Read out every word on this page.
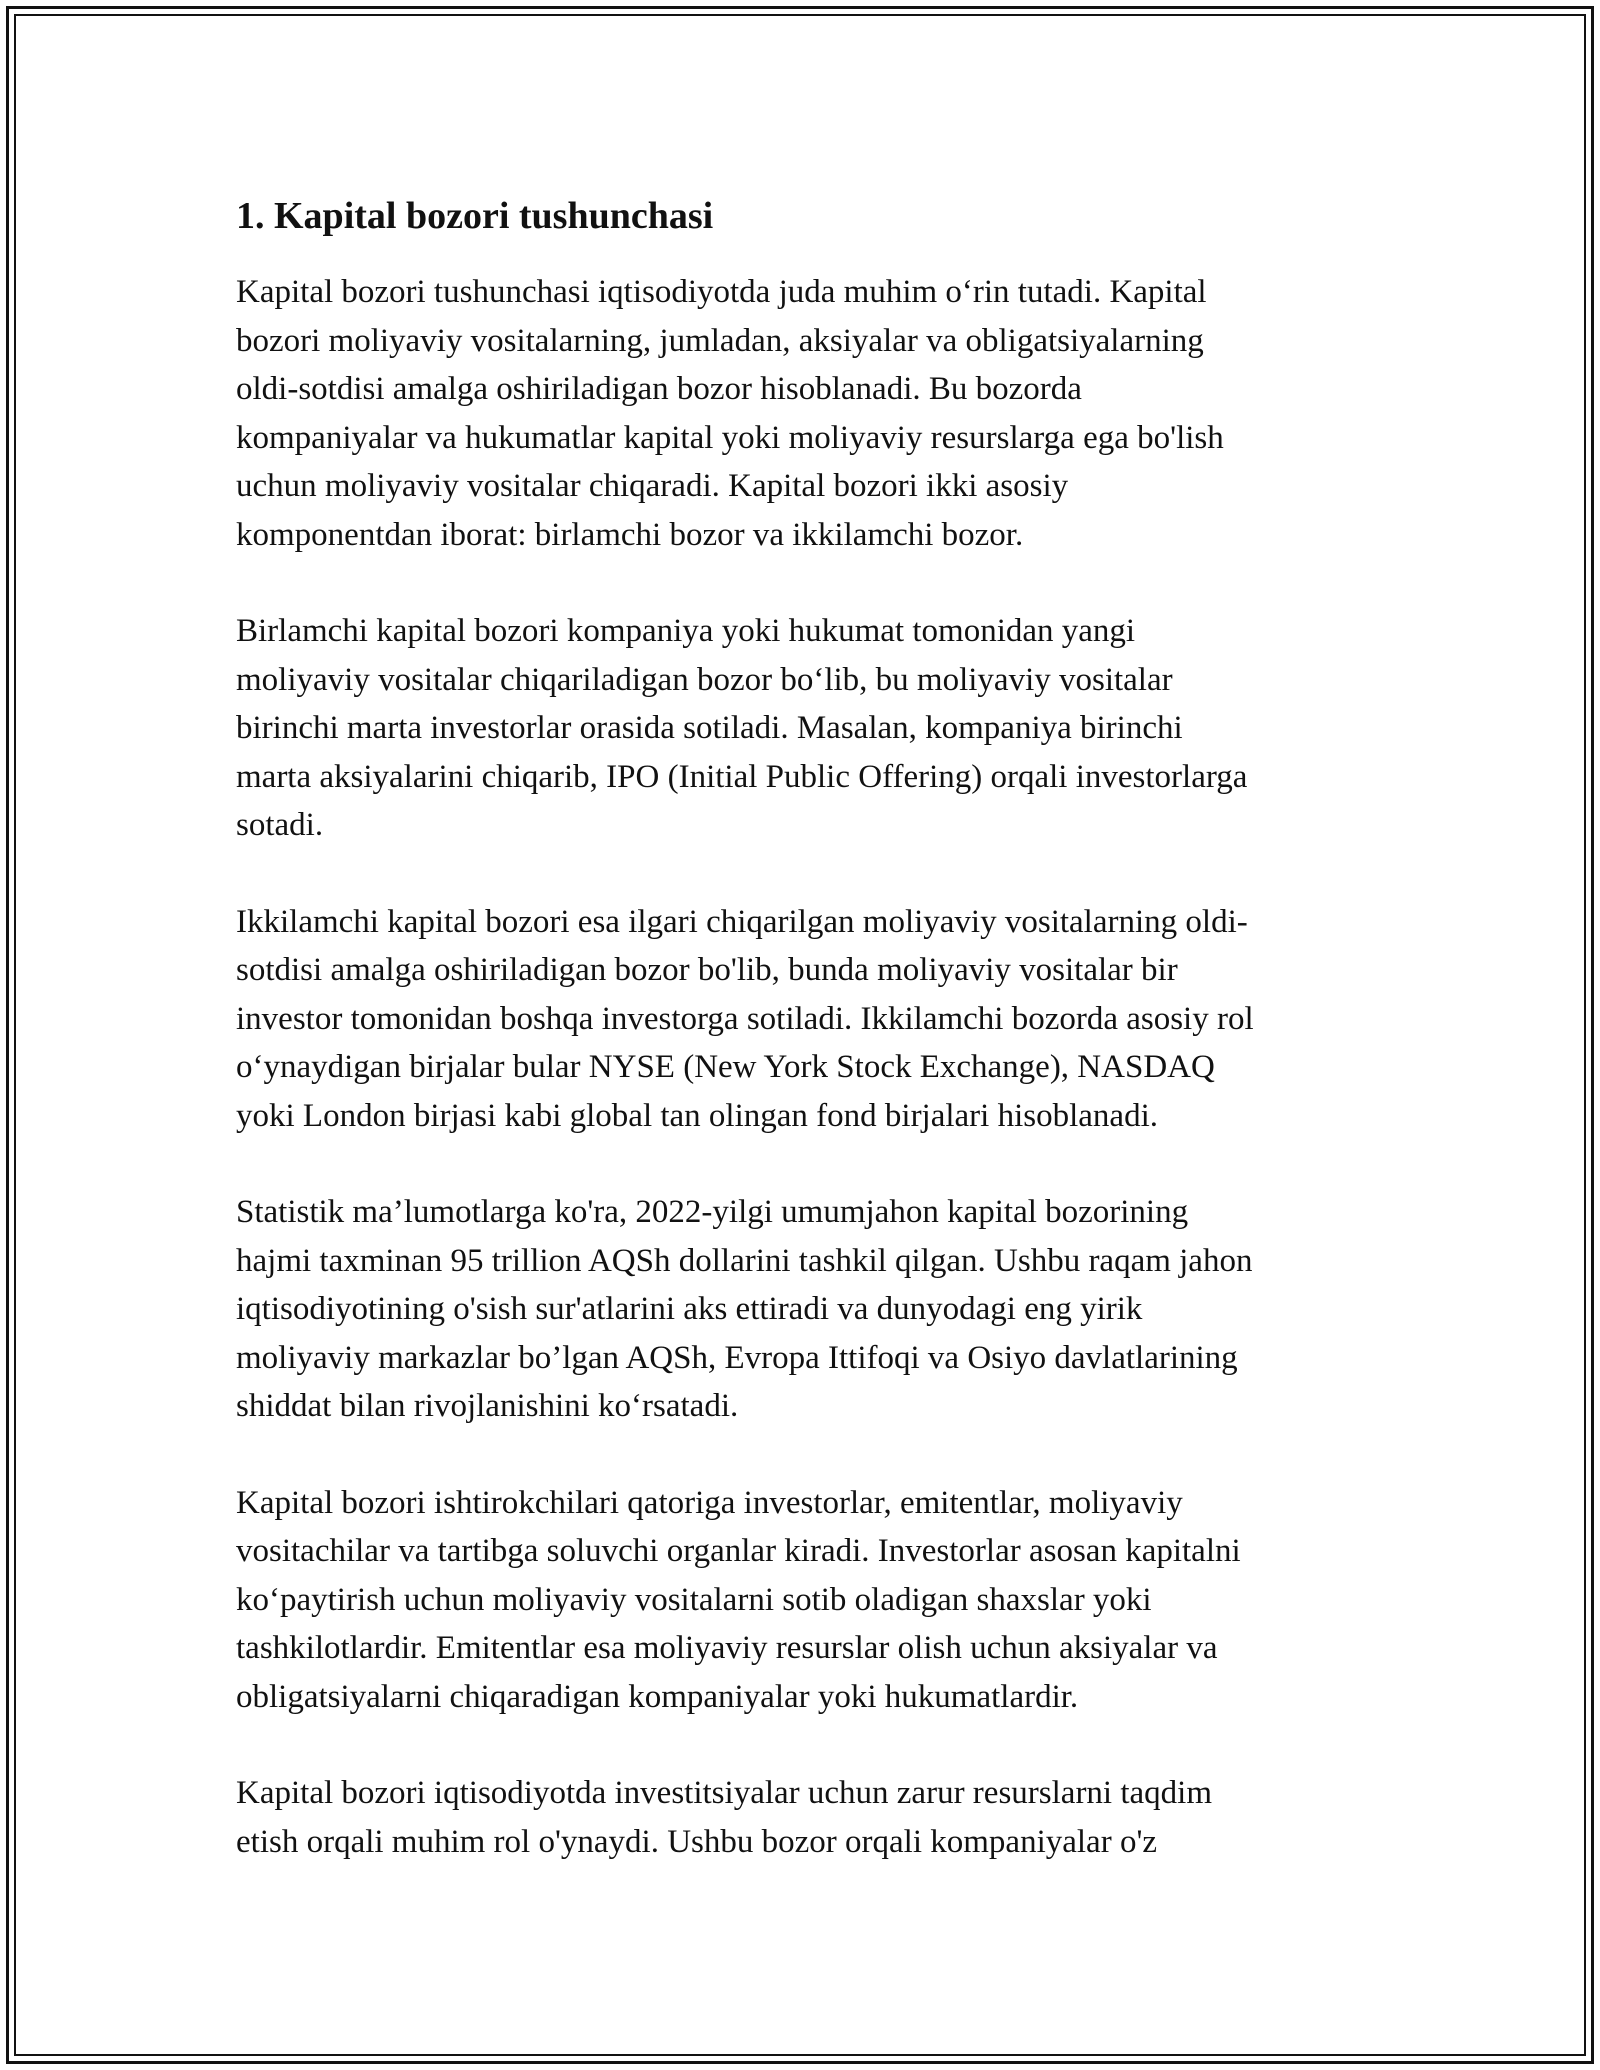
1. Kapital bozori tushunchasi

Kapital bozori tushunchasi iqtisodiyotda juda muhim o‘rin tutadi. Kapital
bozori moliyaviy vositalarning, jumladan, aksiyalar va obligatsiyalarning
oldi-sotdisi amalga oshiriladigan bozor hisoblanadi. Bu bozorda
kompaniyalar va hukumatlar kapital yoki moliyaviy resurslarga ega bo'lish
uchun moliyaviy vositalar chiqaradi. Kapital bozori ikki asosiy
komponentdan iborat: birlamchi bozor va ikkilamchi bozor.

Birlamchi kapital bozori kompaniya yoki hukumat tomonidan yangi
moliyaviy vositalar chiqariladigan bozor bo‘lib, bu moliyaviy vositalar
birinchi marta investorlar orasida sotiladi. Masalan, kompaniya birinchi
marta aksiyalarini chiqarib, IPO (Initial Public Offering) orqali investorlarga
sotadi.

Ikkilamchi kapital bozori esa ilgari chiqarilgan moliyaviy vositalarning oldi-
sotdisi amalga oshiriladigan bozor bo'lib, bunda moliyaviy vositalar bir
investor tomonidan boshqa investorga sotiladi. Ikkilamchi bozorda asosiy rol
o‘ynaydigan birjalar bular NYSE (New York Stock Exchange), NASDAQ
yoki London birjasi kabi global tan olingan fond birjalari hisoblanadi.

Statistik ma’lumotlarga ko'ra, 2022-yilgi umumjahon kapital bozorining
hajmi taxminan 95 trillion AQSh dollarini tashkil qilgan. Ushbu raqam jahon
iqtisodiyotining o'sish sur'atlarini aks ettiradi va dunyodagi eng yirik
moliyaviy markazlar bo’lgan AQSh, Evropa Ittifoqi va Osiyo davlatlarining
shiddat bilan rivojlanishini ko‘rsatadi.

Kapital bozori ishtirokchilari qatoriga investorlar, emitentlar, moliyaviy
vositachilar va tartibga soluvchi organlar kiradi. Investorlar asosan kapitalni
ko‘paytirish uchun moliyaviy vositalarni sotib oladigan shaxslar yoki
tashkilotlardir. Emitentlar esa moliyaviy resurslar olish uchun aksiyalar va
obligatsiyalarni chiqaradigan kompaniyalar yoki hukumatlardir.

Kapital bozori iqtisodiyotda investitsiyalar uchun zarur resurslarni taqdim
etish orqali muhim rol o'ynaydi. Ushbu bozor orqali kompaniyalar o'z
